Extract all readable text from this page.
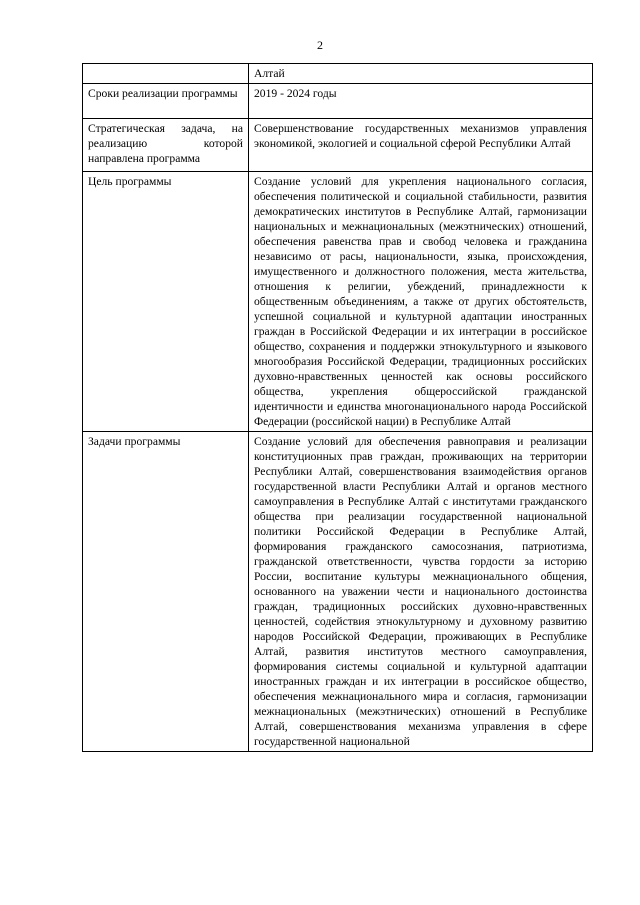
2
	Алтай
Сроки реализации программы	2019 - 2024 годы
Стратегическая задача, на реализацию которой направлена программа	Совершенствование государственных механизмов управления экономикой, экологией и социальной сферой Республики Алтай
Цель программы	Создание условий для укрепления национального согласия, обеспечения политической и социальной стабильности, развития демократических институтов в Республике Алтай, гармонизации национальных и межнациональных (межэтнических) отношений, обеспечения равенства прав и свобод человека и гражданина независимо от расы, национальности, языка, происхождения, имущественного и должностного положения, места жительства, отношения к религии, убеждений, принадлежности к общественным объединениям, а также от других обстоятельств, успешной социальной и культурной адаптации иностранных граждан в Российской Федерации и их интеграции в российское общество, сохранения и поддержки этнокультурного и языкового многообразия Российской Федерации, традиционных российских духовно-нравственных ценностей как основы российского общества, укрепления общероссийской гражданской идентичности и единства многонационального народа Российской Федерации (российской нации) в Республике Алтай
Задачи программы	Создание условий для обеспечения равноправия и реализации конституционных прав граждан, проживающих на территории Республики Алтай, совершенствования взаимодействия органов государственной власти Республики Алтай и органов местного самоуправления в Республике Алтай с институтами гражданского общества при реализации государственной национальной политики Российской Федерации в Республике Алтай, формирования гражданского самосознания, патриотизма, гражданской ответственности, чувства гордости за историю России, воспитание культуры межнационального общения, основанного на уважении чести и национального достоинства граждан, традиционных российских духовно-нравственных ценностей, содействия этнокультурному и духовному развитию народов Российской Федерации, проживающих в Республике Алтай, развития институтов местного самоуправления, формирования системы социальной и культурной адаптации иностранных граждан и их интеграции в российское общество, обеспечения межнационального мира и согласия, гармонизации межнациональных (межэтнических) отношений в Республике Алтай, совершенствования механизма управления в сфере государственной национальной
